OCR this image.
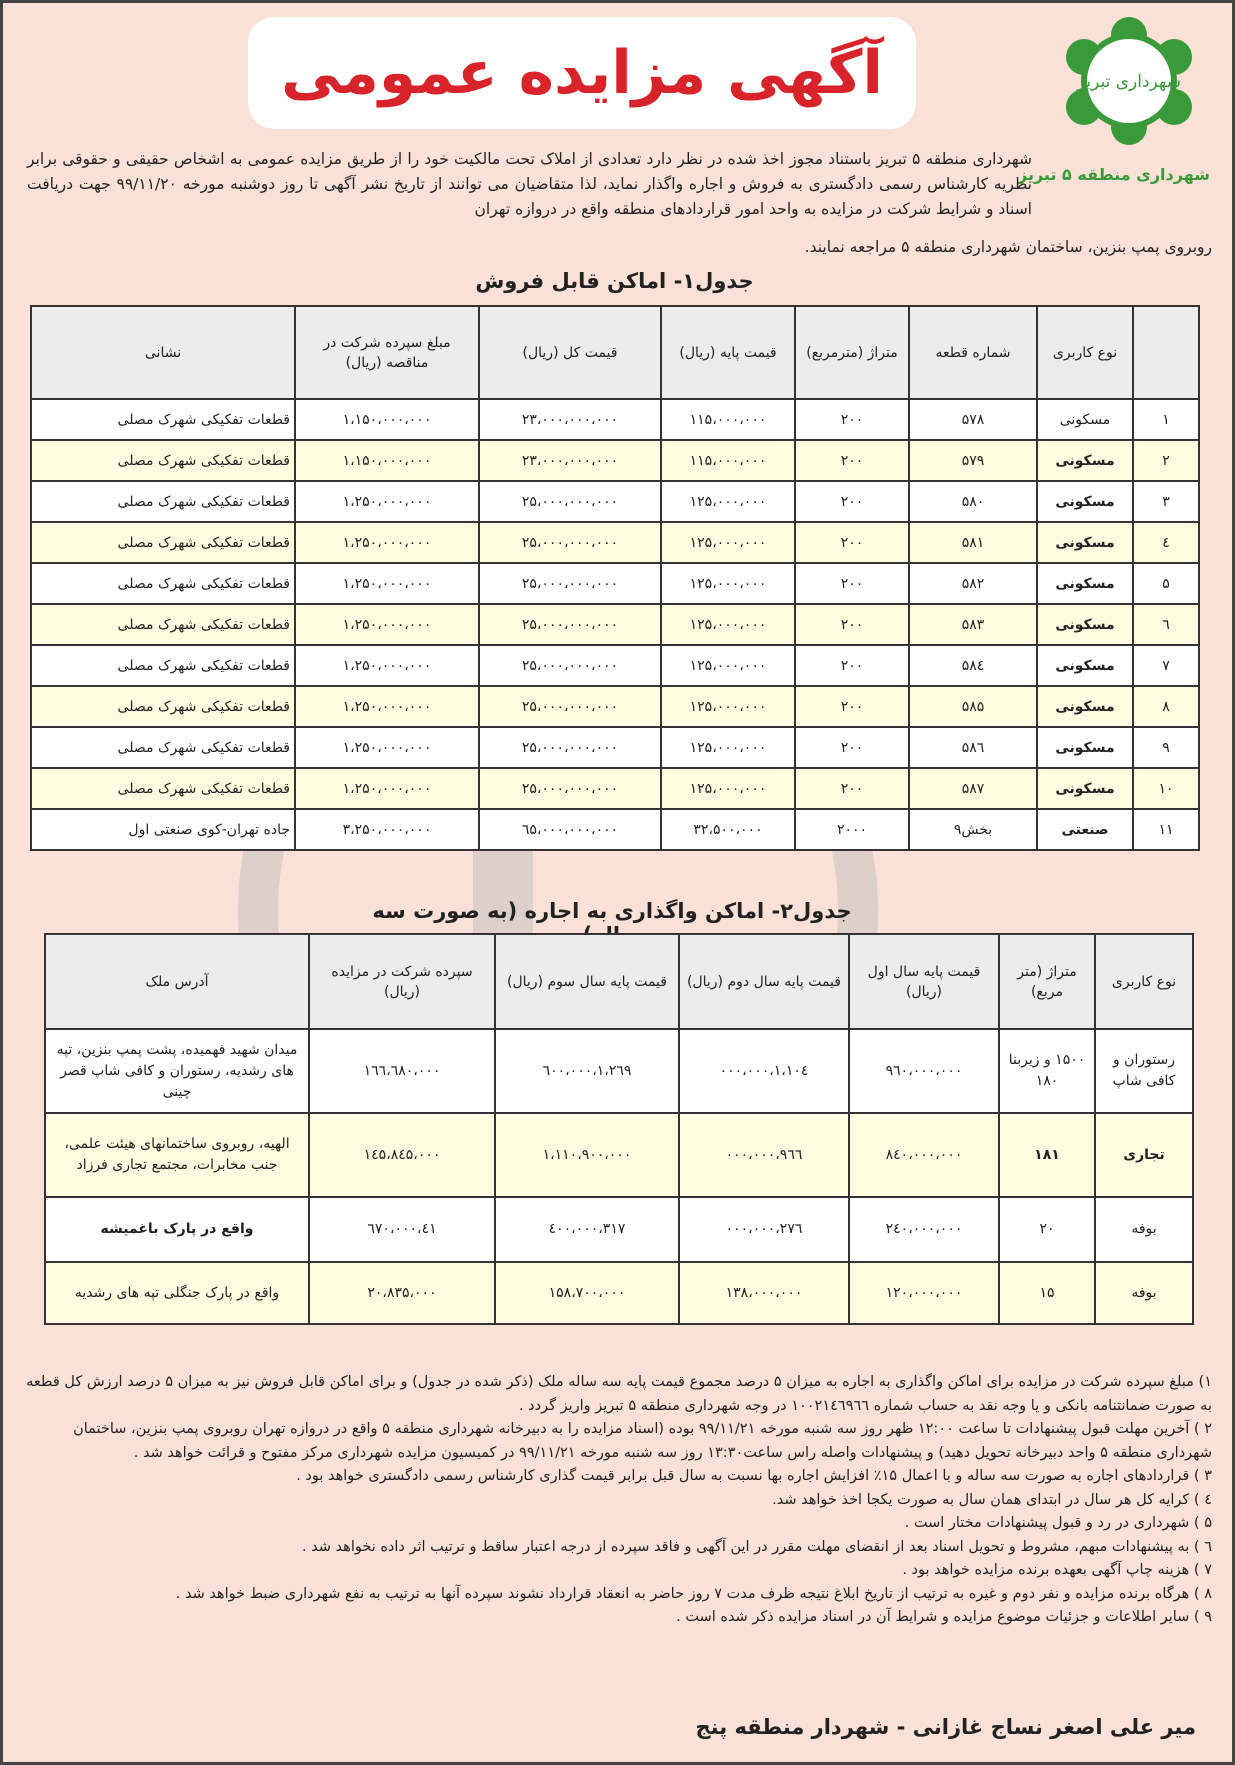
آگهی مزایده عمومی	شهرداری تبریز
شهرداری منطقه ۵ تبریز
شهرداری منطقه ۵ تبریز باستناد مجوز اخذ شده در نظر دارد تعدادی از املاک تحت مالکیت خود را از طریق مزایده عمومی به اشخاص حقیقی و حقوقی برابر نظریه کارشناس رسمی دادگستری به فروش و اجاره واگذار نماید، لذا متقاضیان می توانند از تاریخ نشر آگهی تا روز دوشنبه مورخه ۹۹/۱۱/۲۰ جهت دریافت اسناد و شرایط شرکت در مزایده به واحد امور قراردادهای منطقه واقع در دروازه تهران
روبروی پمپ بنزین، ساختمان شهرداری منطقه ۵ مراجعه نمایند.
جدول۱- اماکن قابل فروش
	نوع کاربری	شماره قطعه	متراژ (مترمربع)	قیمت پایه (ریال)	قیمت کل (ریال)	مبلغ سپرده شرکت در مناقصه (ریال)	نشانی
۱	مسکونی	۵۷۸	۲۰۰	۱۱۵،۰۰۰،۰۰۰	۲۳،۰۰۰،۰۰۰،۰۰۰	۱،۱۵۰،۰۰۰،۰۰۰	قطعات تفکیکی شهرک مصلی
۲	مسکونی	۵۷۹	۲۰۰	۱۱۵،۰۰۰،۰۰۰	۲۳،۰۰۰،۰۰۰،۰۰۰	۱،۱۵۰،۰۰۰،۰۰۰	قطعات تفکیکی شهرک مصلی
۳	مسکونی	۵۸۰	۲۰۰	۱۲۵،۰۰۰،۰۰۰	۲۵،۰۰۰،۰۰۰،۰۰۰	۱،۲۵۰،۰۰۰،۰۰۰	قطعات تفکیکی شهرک مصلی
٤	مسکونی	۵۸۱	۲۰۰	۱۲۵،۰۰۰،۰۰۰	۲۵،۰۰۰،۰۰۰،۰۰۰	۱،۲۵۰،۰۰۰،۰۰۰	قطعات تفکیکی شهرک مصلی
۵	مسکونی	۵۸۲	۲۰۰	۱۲۵،۰۰۰،۰۰۰	۲۵،۰۰۰،۰۰۰،۰۰۰	۱،۲۵۰،۰۰۰،۰۰۰	قطعات تفکیکی شهرک مصلی
٦	مسکونی	۵۸۳	۲۰۰	۱۲۵،۰۰۰،۰۰۰	۲۵،۰۰۰،۰۰۰،۰۰۰	۱،۲۵۰،۰۰۰،۰۰۰	قطعات تفکیکی شهرک مصلی
۷	مسکونی	۵۸٤	۲۰۰	۱۲۵،۰۰۰،۰۰۰	۲۵،۰۰۰،۰۰۰،۰۰۰	۱،۲۵۰،۰۰۰،۰۰۰	قطعات تفکیکی شهرک مصلی
۸	مسکونی	۵۸۵	۲۰۰	۱۲۵،۰۰۰،۰۰۰	۲۵،۰۰۰،۰۰۰،۰۰۰	۱،۲۵۰،۰۰۰،۰۰۰	قطعات تفکیکی شهرک مصلی
۹	مسکونی	۵۸٦	۲۰۰	۱۲۵،۰۰۰،۰۰۰	۲۵،۰۰۰،۰۰۰،۰۰۰	۱،۲۵۰،۰۰۰،۰۰۰	قطعات تفکیکی شهرک مصلی
۱۰	مسکونی	۵۸۷	۲۰۰	۱۲۵،۰۰۰،۰۰۰	۲۵،۰۰۰،۰۰۰،۰۰۰	۱،۲۵۰،۰۰۰،۰۰۰	قطعات تفکیکی شهرک مصلی
۱۱	صنعتی	بخش۹	۲۰۰۰	۳۲،۵۰۰،۰۰۰	٦۵،۰۰۰،۰۰۰،۰۰۰	۳،۲۵۰،۰۰۰،۰۰۰	جاده تهران-کوی صنعتی اول
جدول۲- اماکن واگذاری به اجاره (به صورت سه
نوع کاربری	متراژ (متر مربع)	قیمت پایه سال اول (ریال)	قیمت پایه سال دوم (ریال)	قیمت پایه سال سوم (ریال)	سپرده شرکت در مزایده (ریال)	آدرس ملک
رستوران و کافی شاپ	۱۵۰۰ و زیربنا ۱۸۰	۹٦۰،۰۰۰،۰۰۰	۱،۱۰٤،۰۰۰،۰۰۰	۱،۲٦۹،٦۰۰،۰۰۰	۱٦٦،٦۸۰،۰۰۰	میدان شهید فهمیده، پشت پمپ بنزین، تپه های رشدیه، رستوران و کافی شاپ قصر چینی
تجاری	۱۸۱	۸٤۰،۰۰۰،۰۰۰	۹٦٦،۰۰۰،۰۰۰	۱،۱۱۰،۹۰۰،۰۰۰	۱٤۵،۸٤۵،۰۰۰	الهیه، روبروی ساختمانهای هیئت علمی، جنب مخابرات، مجتمع تجاری فرزاد
بوفه	۲۰	۲٤۰،۰۰۰،۰۰۰	۲۷٦،۰۰۰،۰۰۰	۳۱۷،٤۰۰،۰۰۰	٤۱،٦۷۰،۰۰۰	واقع در پارک باغمیشه
بوفه	۱۵	۱۲۰،۰۰۰،۰۰۰	۱۳۸،۰۰۰،۰۰۰	۱۵۸،۷۰۰،۰۰۰	۲۰،۸۳۵،۰۰۰	واقع در پارک جنگلی تپه های رشدیه

۱) مبلغ سپرده شرکت در مزایده برای اماکن واگذاری به اجاره به میزان ۵ درصد مجموع قیمت پایه سه ساله ملک (ذکر شده در جدول) و برای اماکن قابل فروش نیز به میزان ۵ درصد ارزش کل قطعه به صورت ضمانتنامه بانکی و یا وجه نقد به حساب شماره ۱۰۰۲۱٤٦۹٦٦ در وجه شهرداری منطقه ۵ تبریز واریز گردد .

۲ ) آخرین مهلت قبول پیشنهادات تا ساعت ۱۲:۰۰ ظهر روز سه شنبه مورخه ۹۹/۱۱/۲۱ بوده (اسناد مزایده را به دبیرخانه شهرداری منطقه ۵ واقع در دروازه تهران روبروی پمپ بنزین، ساختمان شهرداری منطقه ۵ واحد دبیرخانه تحویل دهید) و پیشنهادات واصله راس ساعت۱۳:۳۰ روز سه شنبه مورخه ۹۹/۱۱/۲۱ در کمیسیون مزایده شهرداری مرکز مفتوح و قرائت خواهد شد .

۳ ) قراردادهای اجاره به صورت سه ساله و با اعمال ۱۵٪ افزایش اجاره بها نسبت به سال قبل برابر قیمت گذاری کارشناس رسمی دادگستری خواهد بود .

٤ ) کرایه کل هر سال در ابتدای همان سال به صورت یکجا اخذ خواهد شد.

۵ ) شهرداری در رد و قبول پیشنهادات مختار است .

٦ ) به پیشنهادات مبهم، مشروط و تحویل اسناد بعد از انقضای مهلت مقرر در این آگهی و فاقد سپرده از درجه اعتبار ساقط و ترتیب اثر داده نخواهد شد .

۷ ) هزینه چاپ آگهی بعهده برنده مزایده خواهد بود .

۸ ) هرگاه برنده مزایده و نفر دوم و غیره به ترتیب از تاریخ ابلاغ نتیجه ظرف مدت ۷ روز حاضر به انعقاد قرارداد نشوند سپرده آنها به ترتیب به نفع شهرداری ضبط خواهد شد .

۹ ) سایر اطلاعات و جزئیات موضوع مزایده و شرایط آن در اسناد مزایده ذکر شده است .

میر علی اصغر نساج غازانی - شهردار منطقه پنج
